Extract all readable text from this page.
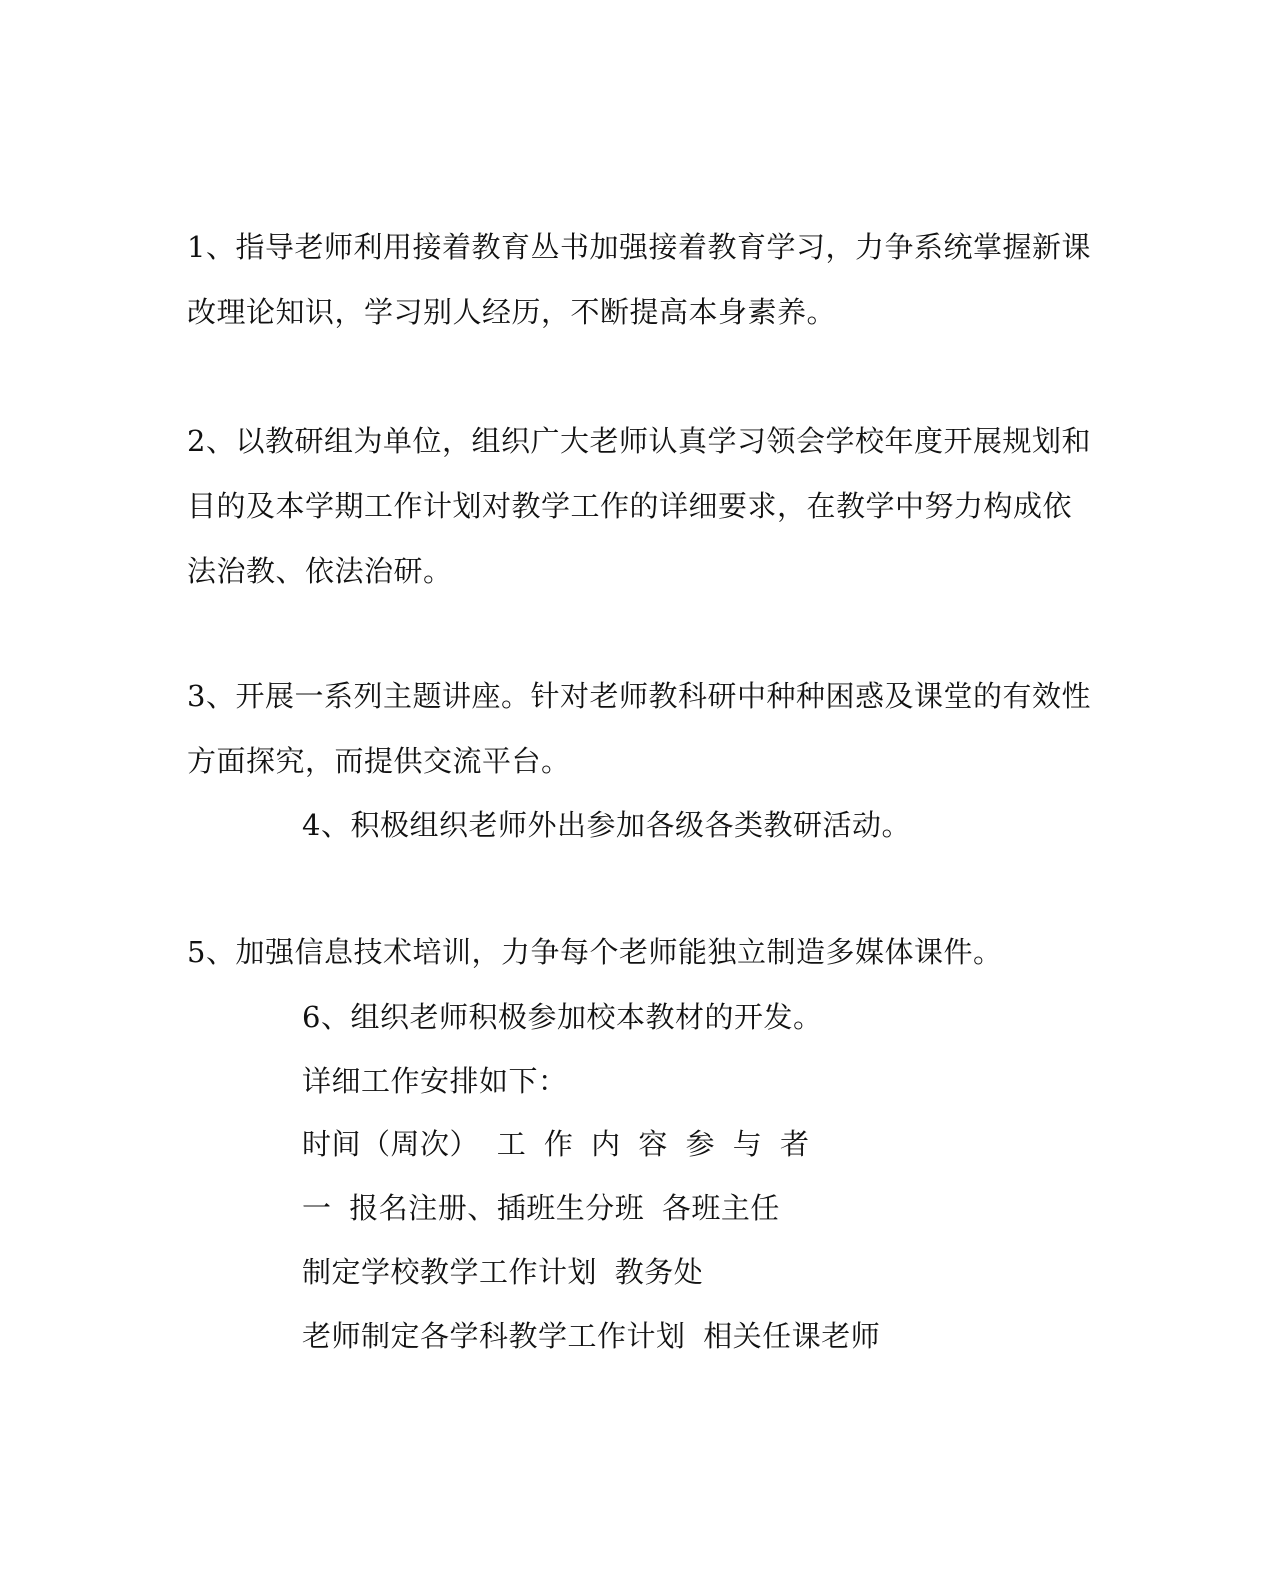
1、指导老师利用接着教育丛书加强接着教育学习，力争系统掌握新课
改理论知识，学习别人经历，不断提高本身素养。
2、以教研组为单位，组织广大老师认真学习领会学校年度开展规划和
目的及本学期工作计划对教学工作的详细要求，在教学中努力构成依
法治教、依法治研。
3、开展一系列主题讲座。针对老师教科研中种种困惑及课堂的有效性
方面探究，而提供交流平台。
4、积极组织老师外出参加各级各类教研活动。
5、加强信息技术培训，力争每个老师能独立制造多媒体课件。
6、组织老师积极参加校本教材的开发。
详细工作安排如下：
时间（周次） 工 作 内 容 参 与 者
一 报名注册、插班生分班 各班主任
制定学校教学工作计划 教务处
老师制定各学科教学工作计划 相关任课老师
